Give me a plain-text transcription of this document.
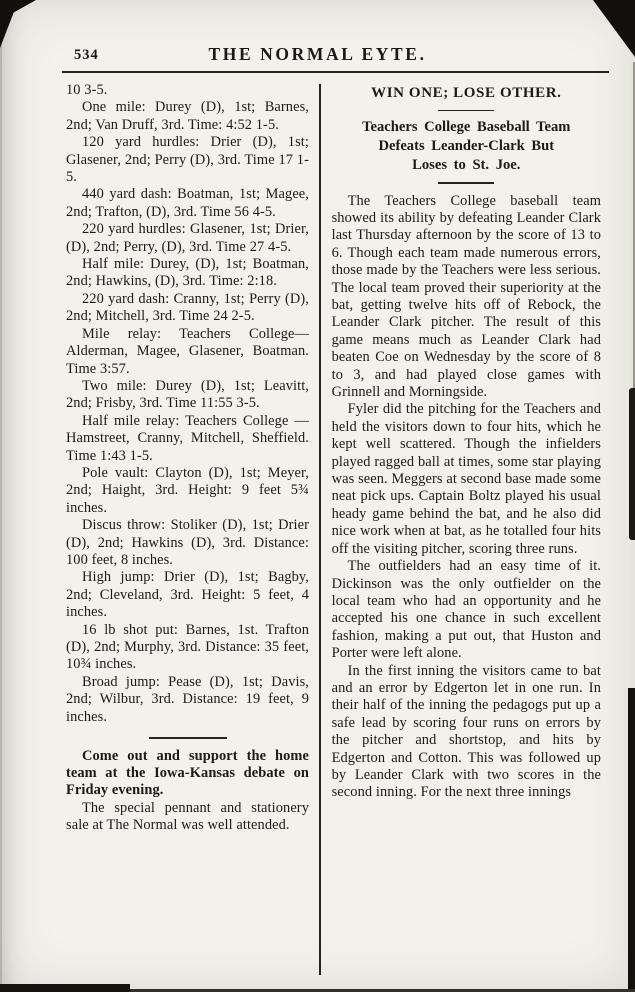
534	THE NORMAL EYTE.

10 3-5.

One mile: Durey (D), 1st; Barnes, 2nd; Van Druff, 3rd. Time: 4:52 1-5.

120 yard hurdles: Drier (D), 1st; Glasener, 2nd; Perry (D), 3rd. Time 17 1-5.

440 yard dash: Boatman, 1st; Magee, 2nd; Trafton, (D), 3rd. Time 56 4-5.

220 yard hurdles: Glasener, 1st; Drier, (D), 2nd; Perry, (D), 3rd. Time 27 4-5.

Half mile: Durey, (D), 1st; Boatman, 2nd; Hawkins, (D), 3rd. Time: 2:18.

220 yard dash: Cranny, 1st; Perry (D), 2nd; Mitchell, 3rd. Time 24 2-5.

Mile relay: Teachers College—Alderman, Magee, Glasener, Boatman. Time 3:57.

Two mile: Durey (D), 1st; Leavitt, 2nd; Frisby, 3rd. Time 11:55 3-5.

Half mile relay: Teachers College —Hamstreet, Cranny, Mitchell, Sheffield. Time 1:43 1-5.

Pole vault: Clayton (D), 1st; Meyer, 2nd; Haight, 3rd. Height: 9 feet 5¾ inches.

Discus throw: Stoliker (D), 1st; Drier (D), 2nd; Hawkins (D), 3rd. Distance: 100 feet, 8 inches.

High jump: Drier (D), 1st; Bagby, 2nd; Cleveland, 3rd. Height: 5 feet, 4 inches.

16 lb shot put: Barnes, 1st. Trafton (D), 2nd; Murphy, 3rd. Distance: 35 feet, 10¾ inches.

Broad jump: Pease (D), 1st; Davis, 2nd; Wilbur, 3rd. Distance: 19 feet, 9 inches.

Come out and support the home team at the Iowa-Kansas debate on Friday evening.

The special pennant and stationery sale at The Normal was well attended.

WIN ONE; LOSE OTHER.

Teachers College Baseball Team

Defeats Leander-Clark But

Loses to St. Joe.

The Teachers College baseball team showed its ability by defeating Leander Clark last Thursday afternoon by the score of 13 to 6. Though each team made numerous errors, those made by the Teachers were less serious. The local team proved their superiority at the bat, getting twelve hits off of Rebock, the Leander Clark pitcher. The result of this game means much as Leander Clark had beaten Coe on Wednesday by the score of 8 to 3, and had played close games with Grinnell and Morningside.

Fyler did the pitching for the Teachers and held the visitors down to four hits, which he kept well scattered. Though the infielders played ragged ball at times, some star playing was seen. Meggers at second base made some neat pick ups. Captain Boltz played his usual heady game behind the bat, and he also did nice work when at bat, as he totalled four hits off the visiting pitcher, scoring three runs.

The outfielders had an easy time of it. Dickinson was the only outfielder on the local team who had an opportunity and he accepted his one chance in such excellent fashion, making a put out, that Huston and Porter were left alone.

In the first inning the visitors came to bat and an error by Edgerton let in one run. In their half of the inning the pedagogs put up a safe lead by scoring four runs on errors by the pitcher and shortstop, and hits by Edgerton and Cotton. This was followed up by Leander Clark with two scores in the second inning. For the next three innings
